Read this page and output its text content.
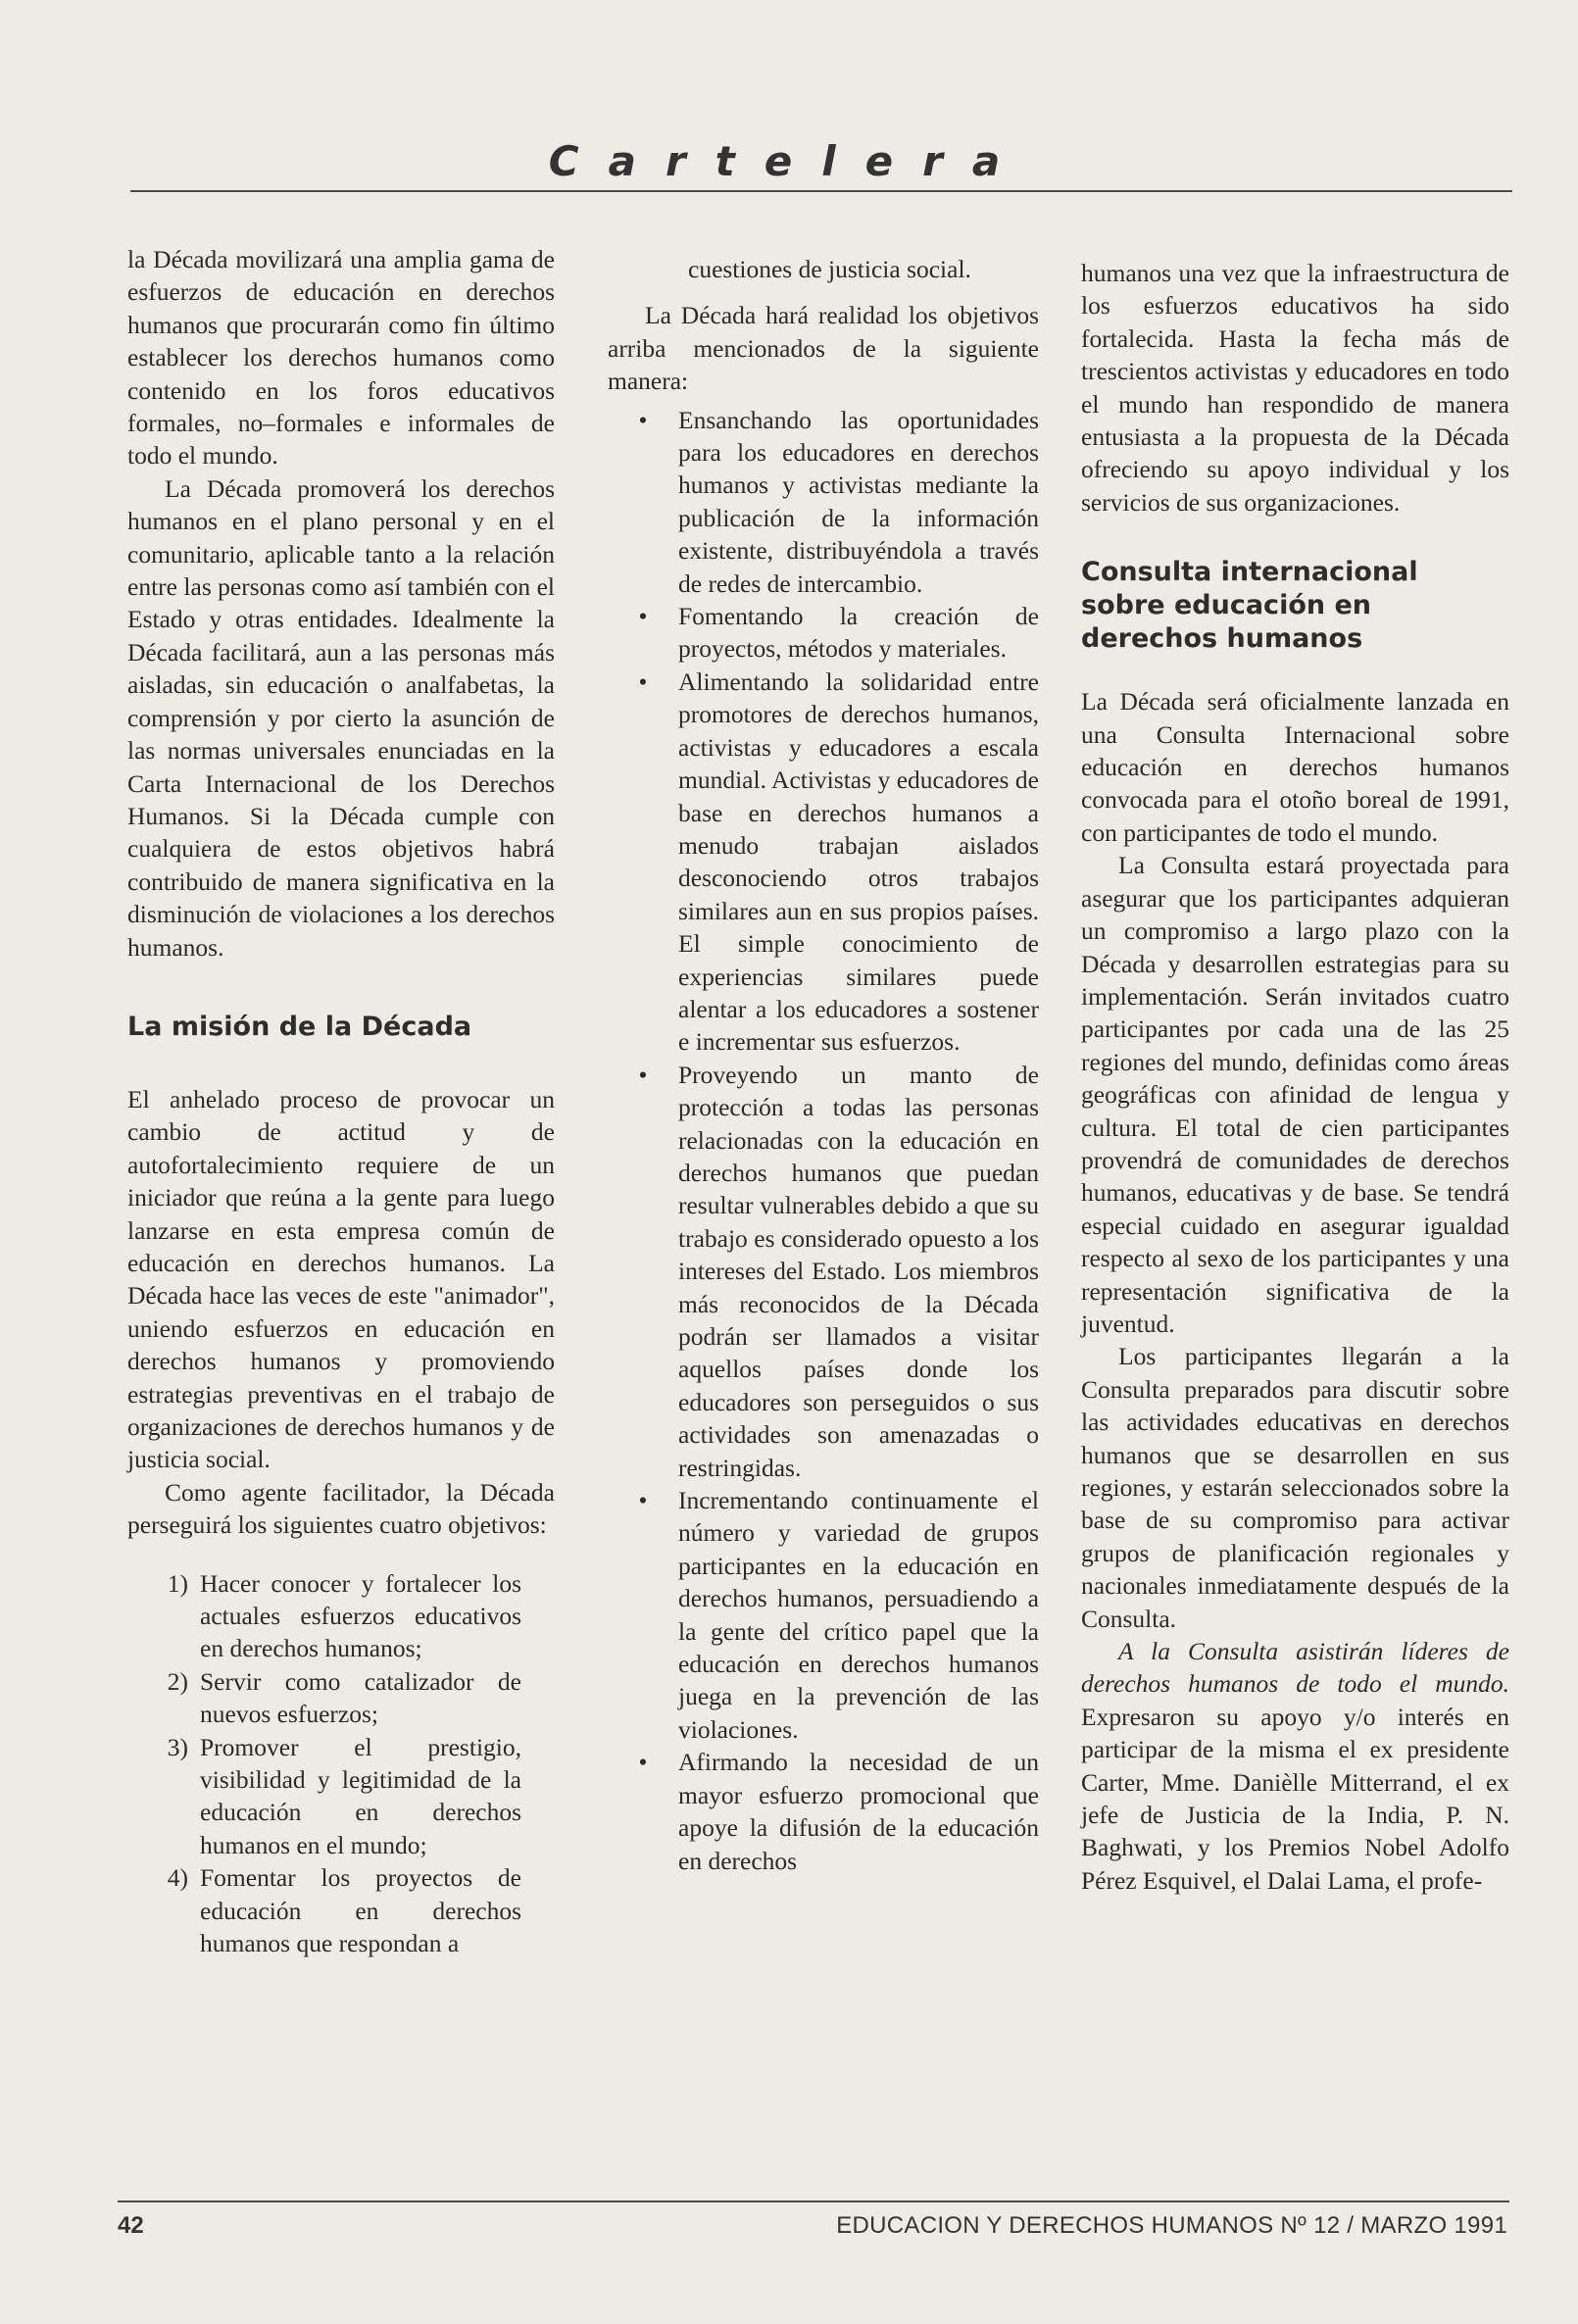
Cartelera

la Década movilizará una amplia gama de esfuerzos de educación en derechos humanos que procurarán como fin último establecer los derechos humanos como contenido en los foros educativos formales, no–formales e informales de todo el mundo.

La Década promoverá los derechos humanos en el plano personal y en el comunitario, aplicable tanto a la relación entre las personas como así también con el Estado y otras entidades. Idealmente la Década facilitará, aun a las personas más aisladas, sin educación o analfabetas, la comprensión y por cierto la asunción de las normas universales enunciadas en la Carta Internacional de los Derechos Humanos. Si la Década cumple con cualquiera de estos objetivos habrá contribuido de manera significativa en la disminución de violaciones a los derechos humanos.

La misión de la Década

El anhelado proceso de provocar un cambio de actitud y de autofortalecimiento requiere de un iniciador que reúna a la gente para luego lanzarse en esta empresa común de educación en derechos humanos. La Década hace las veces de este "animador", uniendo esfuerzos en educación en derechos humanos y promoviendo estrategias preventivas en el trabajo de organizaciones de derechos humanos y de justicia social.

Como agente facilitador, la Década perseguirá los siguientes cuatro objetivos:

1) Hacer conocer y fortalecer los actuales esfuerzos educativos en derechos humanos;
2) Servir como catalizador de nuevos esfuerzos;
3) Promover el prestigio, visibilidad y legitimidad de la educación en derechos humanos en el mundo;
4) Fomentar los proyectos de educación en derechos humanos que respondan a

cuestiones de justicia social.

La Década hará realidad los objetivos arriba mencionados de la siguiente manera:

•	Ensanchando las oportunidades para los educadores en derechos humanos y activistas mediante la publicación de la información existente, distribuyéndola a través de redes de intercambio.
•	Fomentando la creación de proyectos, métodos y materiales.
•	Alimentando la solidaridad entre promotores de derechos humanos, activistas y educadores a escala mundial. Activistas y educadores de base en derechos humanos a menudo trabajan aislados desconociendo otros trabajos similares aun en sus propios países. El simple conocimiento de experiencias similares puede alentar a los educadores a sostener e incrementar sus esfuerzos.
•	Proveyendo un manto de protección a todas las personas relacionadas con la educación en derechos humanos que puedan resultar vulnerables debido a que su trabajo es considerado opuesto a los intereses del Estado. Los miembros más reconocidos de la Década podrán ser llamados a visitar aquellos países donde los educadores son perseguidos o sus actividades son amenazadas o restringidas.
•	Incrementando continuamente el número y variedad de grupos participantes en la educación en derechos humanos, persuadiendo a la gente del crítico papel que la educación en derechos humanos juega en la prevención de las violaciones.
•	Afirmando la necesidad de un mayor esfuerzo promocional que apoye la difusión de la educación en derechos

humanos una vez que la infraestructura de los esfuerzos educativos ha sido fortalecida. Hasta la fecha más de trescientos activistas y educadores en todo el mundo han respondido de manera entusiasta a la propuesta de la Década ofreciendo su apoyo individual y los servicios de sus organizaciones.

Consulta internacional sobre educación en derechos humanos

La Década será oficialmente lanzada en una Consulta Internacional sobre educación en derechos humanos convocada para el otoño boreal de 1991, con participantes de todo el mundo.

La Consulta estará proyectada para asegurar que los participantes adquieran un compromiso a largo plazo con la Década y desarrollen estrategias para su implementación. Serán invitados cuatro participantes por cada una de las 25 regiones del mundo, definidas como áreas geográficas con afinidad de lengua y cultura. El total de cien participantes provendrá de comunidades de derechos humanos, educativas y de base. Se tendrá especial cuidado en asegurar igualdad respecto al sexo de los participantes y una representación significativa de la juventud.

Los participantes llegarán a la Consulta preparados para discutir sobre las actividades educativas en derechos humanos que se desarrollen en sus regiones, y estarán seleccionados sobre la base de su compromiso para activar grupos de planificación regionales y nacionales inmediatamente después de la Consulta.

A la Consulta asistirán líderes de derechos humanos de todo el mundo. Expresaron su apoyo y/o interés en participar de la misma el ex presidente Carter, Mme. Danièlle Mitterrand, el ex jefe de Justicia de la India, P. N. Baghwati, y los Premios Nobel Adolfo Pérez Esquivel, el Dalai Lama, el profe-

42	EDUCACION Y DERECHOS HUMANOS Nº 12 / MARZO 1991
